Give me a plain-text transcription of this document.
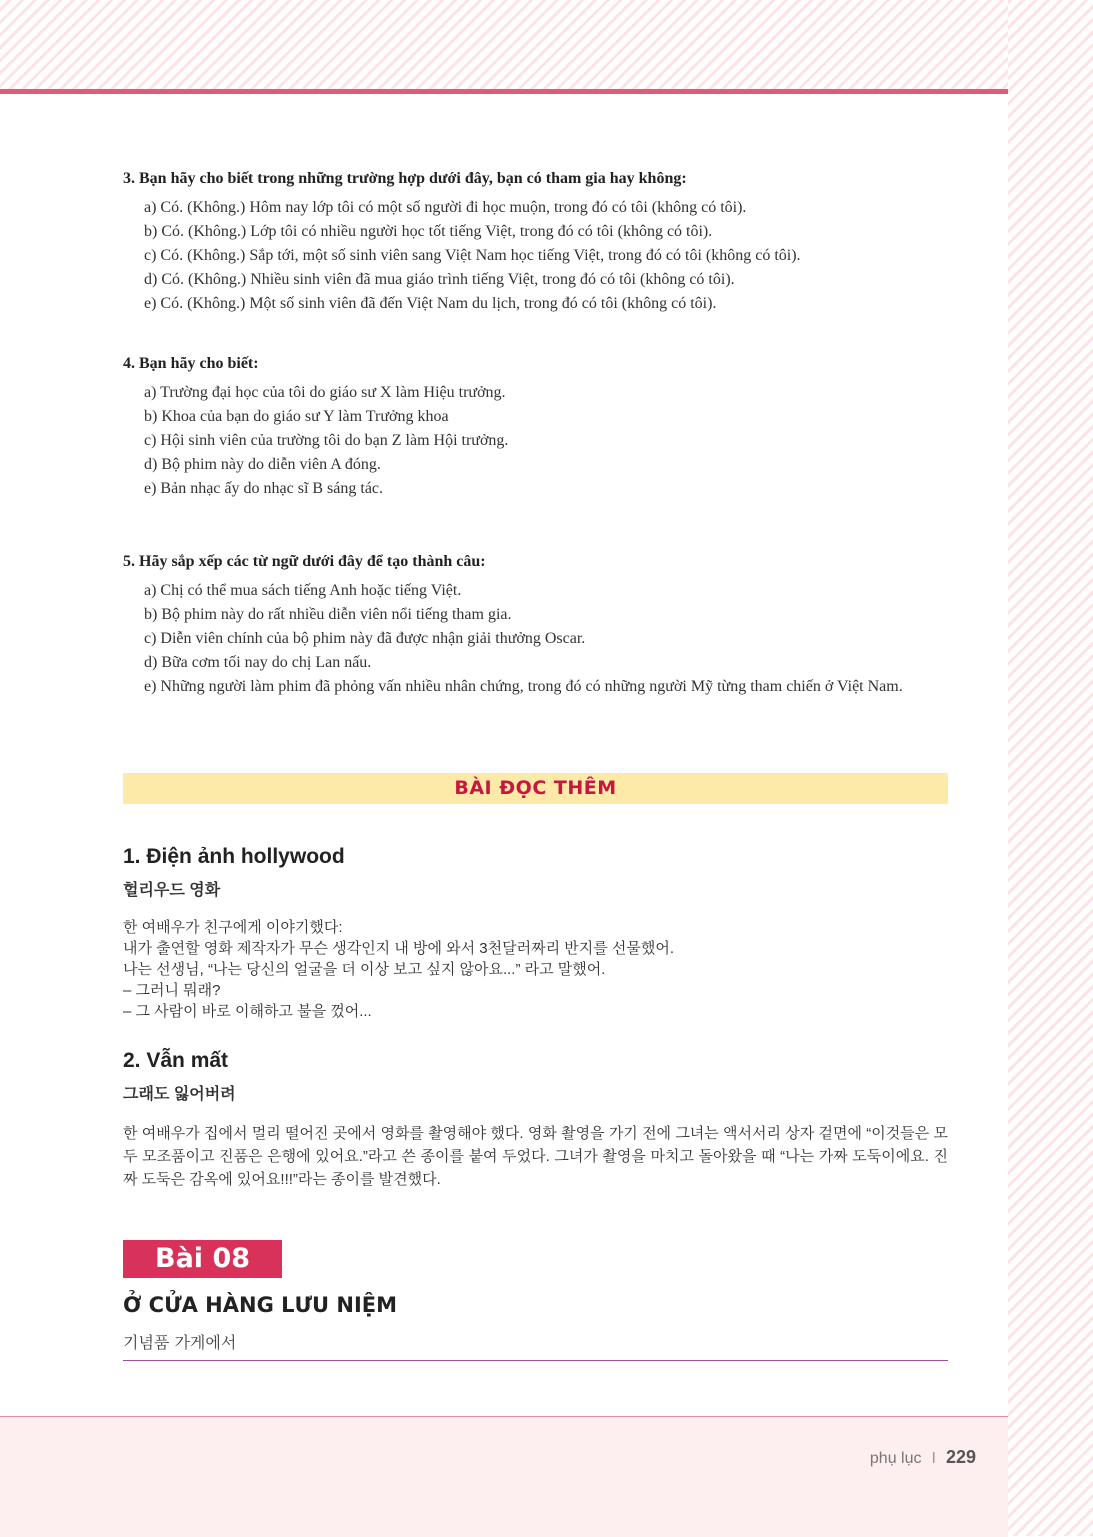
3. Bạn hãy cho biết trong những trường hợp dưới đây, bạn có tham gia hay không:

a) Có. (Không.) Hôm nay lớp tôi có một số người đi học muộn, trong đó có tôi (không có tôi).
b) Có. (Không.) Lớp tôi có nhiều người học tốt tiếng Việt, trong đó có tôi (không có tôi).
c) Có. (Không.) Sắp tới, một số sinh viên sang Việt Nam học tiếng Việt, trong đó có tôi (không có tôi).
d) Có. (Không.) Nhiều sinh viên đã mua giáo trình tiếng Việt, trong đó có tôi (không có tôi).
e) Có. (Không.) Một số sinh viên đã đến Việt Nam du lịch, trong đó có tôi (không có tôi).

4. Bạn hãy cho biết:

a) Trường đại học của tôi do giáo sư X làm Hiệu trưởng.
b) Khoa của bạn do giáo sư Y làm Trưởng khoa
c) Hội sinh viên của trường tôi do bạn Z làm Hội trưởng.
d) Bộ phim này do diễn viên A đóng.
e) Bản nhạc ấy do nhạc sĩ B sáng tác.

5. Hãy sắp xếp các từ ngữ dưới đây để tạo thành câu:

a) Chị có thể mua sách tiếng Anh hoặc tiếng Việt.
b) Bộ phim này do rất nhiều diễn viên nổi tiếng tham gia.
c) Diễn viên chính của bộ phim này đã được nhận giải thưởng Oscar.
d) Bữa cơm tối nay do chị Lan nấu.
e) Những người làm phim đã phỏng vấn nhiều nhân chứng, trong đó có những người Mỹ từng tham chiến ở Việt Nam.
BÀI ĐỌC THÊM

1. Điện ảnh hollywood

헐리우드 영화

한 여배우가 친구에게 이야기했다:
내가 출연할 영화 제작자가 무슨 생각인지 내 방에 와서 3천달러짜리 반지를 선물했어.
나는 선생님, “나는 당신의 얼굴을 더 이상 보고 싶지 않아요...” 라고 말했어.
– 그러니 뭐래?
– 그 사람이 바로 이해하고 불을 껐어...

2. Vẫn mất

그래도 잃어버려

한 여배우가 집에서 멀리 떨어진 곳에서 영화를 촬영해야 했다. 영화 촬영을 가기 전에 그녀는 액서서리 상자 겉면에 “이것들은 모두 모조품이고 진품은 은행에 있어요.”라고 쓴 종이를 붙여 두었다. 그녀가 촬영을 마치고 돌아왔을 때 “나는 가짜 도둑이에요. 진짜 도둑은 감옥에 있어요!!!”라는 종이를 발견했다.
Bài 08
Ở CỬA HÀNG LƯU NIỆM
기념품 가게에서
phụ lục I 229
